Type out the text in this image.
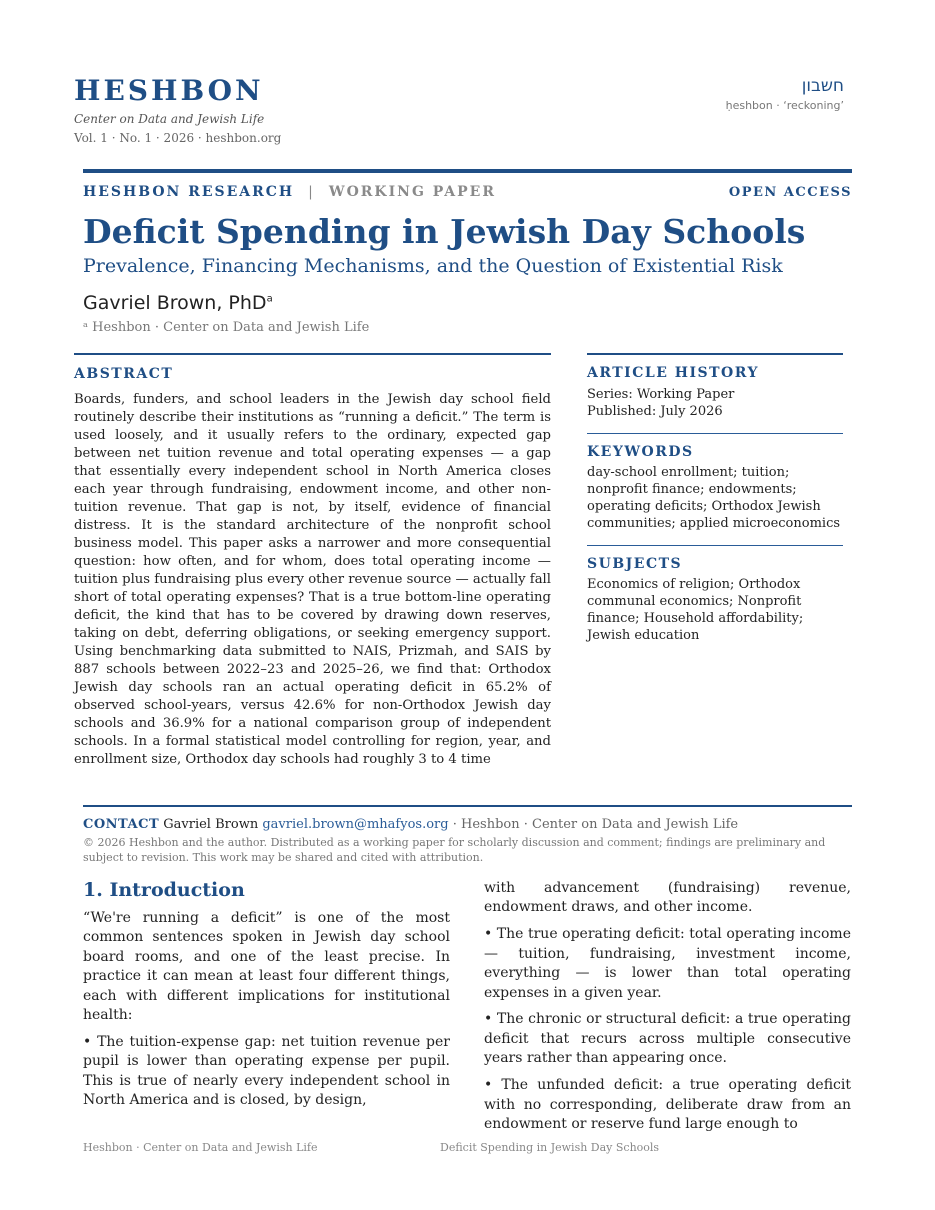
HESHBON
Center on Data and Jewish Life
Vol. 1 · No. 1 · 2026 · heshbon.org
חשבון
ḥeshbon · ‘reckoning’
HESHBON RESEARCH | WORKING PAPER	OPEN ACCESS
Deficit Spending in Jewish Day Schools
Prevalence, Financing Mechanisms, and the Question of Existential Risk
Gavriel Brown, PhD$^a$
ᵃ Heshbon · Center on Data and Jewish Life
ABSTRACT
Boards, funders, and school leaders in the Jewish day school field routinely describe their institutions as “running a deficit.” The term is used loosely, and it usually refers to the ordinary, expected gap between net tuition revenue and total operating expenses — a gap that essentially every independent school in North America closes each year through fundraising, endowment income, and other non-tuition revenue. That gap is not, by itself, evidence of financial distress. It is the standard architecture of the nonprofit school business model. This paper asks a narrower and more consequential question: how often, and for whom, does total operating income — tuition plus fundraising plus every other revenue source — actually fall short of total operating expenses? That is a true bottom-line operating deficit, the kind that has to be covered by drawing down reserves, taking on debt, deferring obligations, or seeking emergency support. Using benchmarking data submitted to NAIS, Prizmah, and SAIS by 887 schools between 2022–23 and 2025–26, we find that: Orthodox Jewish day schools ran an actual operating deficit in 65.2% of observed school-years, versus 42.6% for non-Orthodox Jewish day schools and 36.9% for a national comparison group of independent schools. In a formal statistical model controlling for region, year, and enrollment size, Orthodox day schools had roughly 3 to 4 time
ARTICLE HISTORY
Series: Working Paper
Published: July 2026
KEYWORDS
day-school enrollment; tuition; nonprofit finance; endowments; operating deficits; Orthodox Jewish communities; applied microeconomics
SUBJECTS
Economics of religion; Orthodox communal economics; Nonprofit finance; Household affordability; Jewish education
CONTACT Gavriel Brown gavriel.brown@mhafyos.org · Heshbon · Center on Data and Jewish Life
© 2026 Heshbon and the author. Distributed as a working paper for scholarly discussion and comment; findings are preliminary and subject to revision. This work may be shared and cited with attribution.
1. Introduction

“We're running a deficit” is one of the most common sentences spoken in Jewish day school board rooms, and one of the least precise. In practice it can mean at least four different things, each with different implications for institutional health:

• The tuition-expense gap: net tuition revenue per pupil is lower than operating expense per pupil. This is true of nearly every independent school in North America and is closed, by design,

with advancement (fundraising) revenue, endowment draws, and other income.

• The true operating deficit: total operating income — tuition, fundraising, investment income, everything — is lower than total operating expenses in a given year.

• The chronic or structural deficit: a true operating deficit that recurs across multiple consecutive years rather than appearing once.

• The unfunded deficit: a true operating deficit with no corresponding, deliberate draw from an endowment or reserve fund large enough to

Heshbon · Center on Data and Jewish Life	Deficit Spending in Jewish Day Schools
